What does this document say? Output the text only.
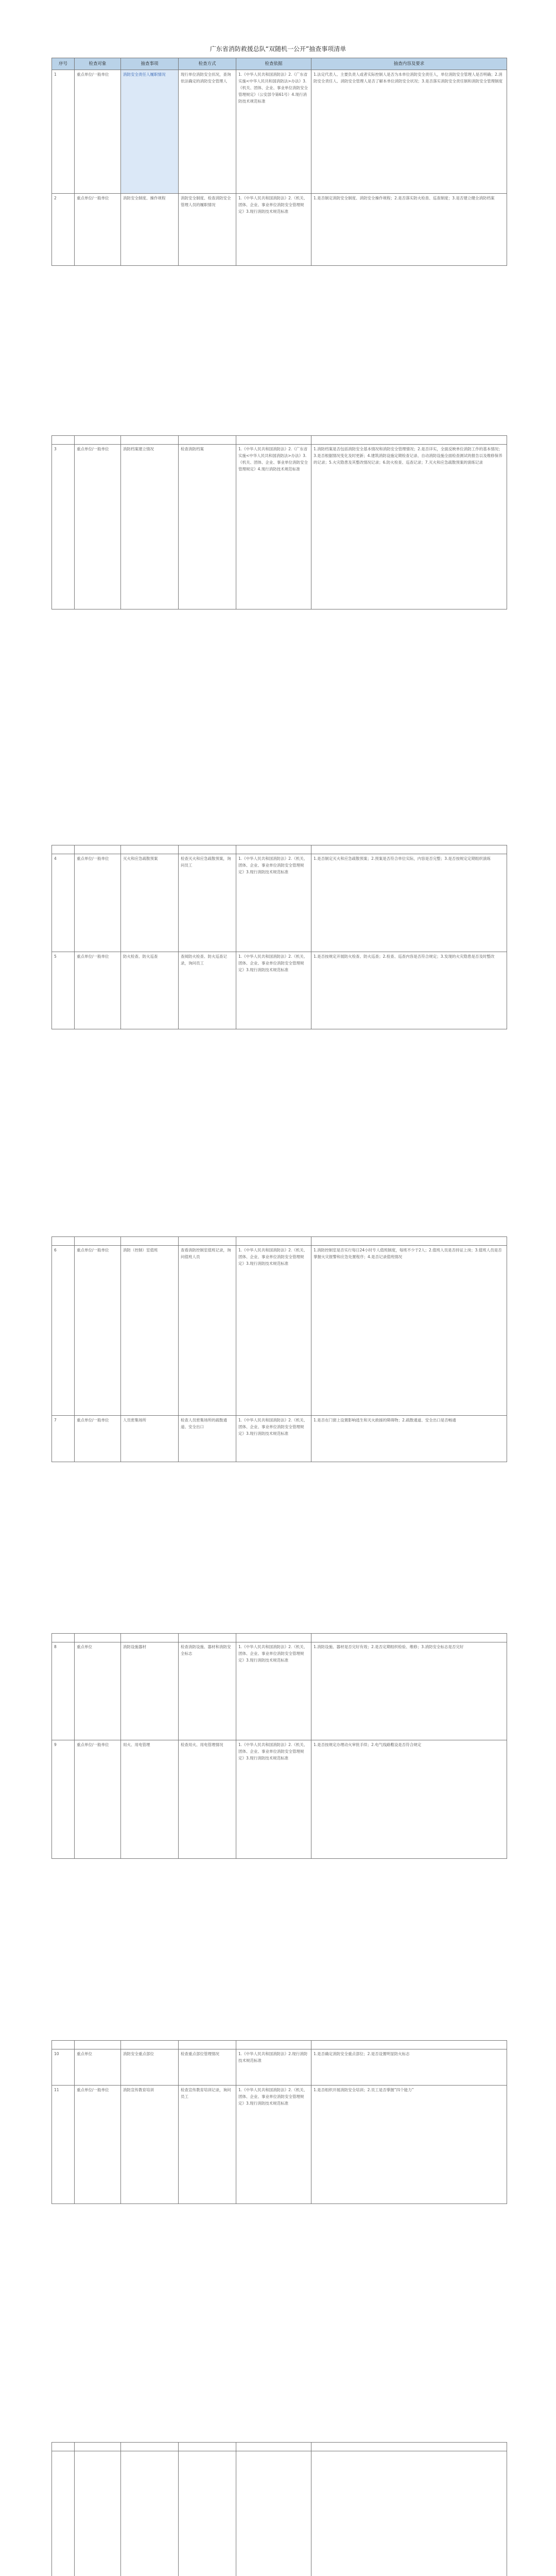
广东省消防救援总队“双随机一公开”抽查事项清单
序号	检查对象	抽查事项	检查方式	检查依据	抽查内容及要求
1	重点单位/一般单位	消防安全责任人履职情况	现行单位消防安全状况，查询依法确定的消防安全管理人	1.《中华人民共和国消防法》2.《广东省实施<中华人民共和国消防法>办法》3.《机关、团体、企业、事业单位消防安全管理规定》（公安部令第61号）4.现行消防技术规范标准	1.法定代表人、主要负责人或者实际控制人是否为本单位消防安全责任人，单位消防安全管理人是否明确；2.消防安全责任人、消防安全管理人是否了解本单位消防安全状况；3.是否落实消防安全责任制和消防安全管理制度
2	重点单位/一般单位	消防安全制度、操作规程	消防安全制度、检查消防安全管理人员的履职情况	1.《中华人民共和国消防法》2.《机关、团体、企业、事业单位消防安全管理规定》3.现行消防技术规范标准	1.是否制定消防安全制度、消防安全操作规程；2.是否落实防火检查、巡查制度；3.是否建立健全消防档案

3	重点单位/一般单位	消防档案建立情况	检查消防档案	1.《中华人民共和国消防法》2.《广东省实施<中华人民共和国消防法>办法》3.《机关、团体、企业、事业单位消防安全管理规定》4.现行消防技术规范标准	1.消防档案是否包括消防安全基本情况和消防安全管理情况；2.是否详实，全面反映单位消防工作的基本情况；3.是否根据情况变化及时更新；4.建筑消防设施定期检查记录、自动消防设施全面检查测试的报告以及维修保养的记录；5.火灾隐患及其整改情况记录；6.防火检查、巡查记录；7.灭火和应急疏散预案的演练记录

4	重点单位/一般单位	灭火和应急疏散预案	检查灭火和应急疏散预案，询问员工	1.《中华人民共和国消防法》2.《机关、团体、企业、事业单位消防安全管理规定》3.现行消防技术规范标准	1.是否制定灭火和应急疏散预案；2.预案是否符合单位实际，内容是否完整；3.是否按规定定期组织演练
5	重点单位/一般单位	防火检查、防火巡查	查阅防火检查、防火巡查记录，询问员工	1.《中华人民共和国消防法》2.《机关、团体、企业、事业单位消防安全管理规定》3.现行消防技术规范标准	1.是否按规定开展防火检查、防火巡查；2.检查、巡查内容是否符合规定；3.发现的火灾隐患是否及时整改

6	重点单位/一般单位	消防（控制）室值班	查看消防控制室值班记录，询问值班人员	1.《中华人民共和国消防法》2.《机关、团体、企业、事业单位消防安全管理规定》3.现行消防技术规范标准	1.消防控制室是否实行每日24小时专人值班制度，每班不少于2人；2.值班人员是否持证上岗；3.值班人员是否掌握火灾报警和应急处置程序；4.是否记录值班情况
7	重点单位/一般单位	人员密集场所	检查人员密集场所的疏散通道、安全出口	1.《中华人民共和国消防法》2.《机关、团体、企业、事业单位消防安全管理规定》3.现行消防技术规范标准	1.是否在门窗上设置影响逃生和灭火救援的障碍物；2.疏散通道、安全出口是否畅通

8	重点单位	消防设施器材	检查消防设施、器材和消防安全标志	1.《中华人民共和国消防法》2.《机关、团体、企业、事业单位消防安全管理规定》3.现行消防技术规范标准	1.消防设施、器材是否完好有效；2.是否定期组织检验、维修；3.消防安全标志是否完好
9	重点单位/一般单位	用火、用电管理	检查用火、用电管理情况	1.《中华人民共和国消防法》2.《机关、团体、企业、事业单位消防安全管理规定》3.现行消防技术规范标准	1.是否按规定办理动火审批手续；2.电气线路敷设是否符合规定

10	重点单位	消防安全重点部位	检查重点部位管理情况	1.《中华人民共和国消防法》2.现行消防技术规范标准	1.是否确定消防安全重点部位；2.是否设置明显防火标志
11	重点单位/一般单位	消防宣传教育培训	检查宣传教育培训记录，询问员工	1.《中华人民共和国消防法》2.《机关、团体、企业、事业单位消防安全管理规定》3.现行消防技术规范标准	1.是否组织开展消防安全培训；2.员工是否掌握“四个能力”
